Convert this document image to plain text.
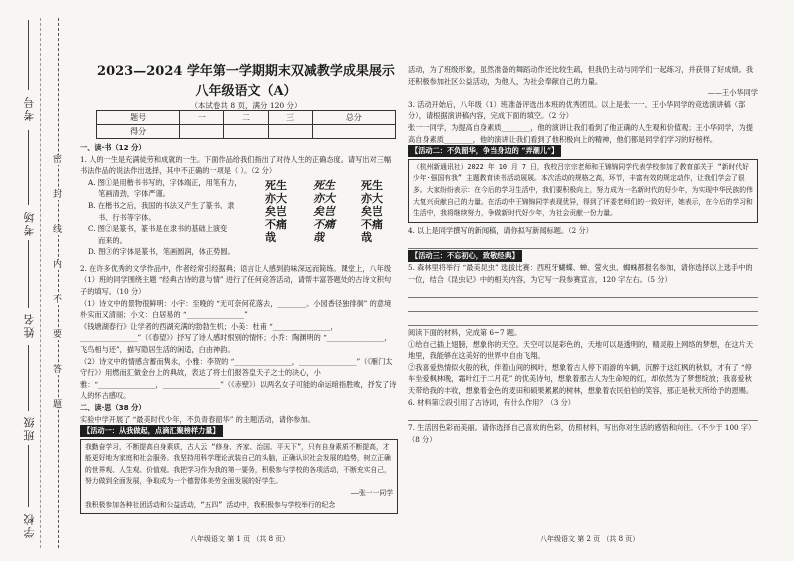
考号
考场
姓名
班级
学校
密
封
线
内
不
要
答
题
2023—2024 学年第一学期期末双减教学成果展示
八年级语文（A）
（本试卷共 8 页，满分 120 分）
题号	一	二	三	总分
得分				

一、读·书（12 分）

1. 人的一生是充满徒劳和成就的一生。下面作品给我们指出了对待人生的正确态度。请写出对三幅书法作品的说法作出选择，其中不正确的一项是（ ）。（2 分）

A. 图①是用楷书书写的，字体端正，用笔有力，

笔画清劲，字体严谨。

B. 在楷书之后，我国的书法又产生了篆书、隶

书、行书等字体。

C. 图②是篆书，篆书是在隶书的基础上演变

而来的。

D. 图③的字体是篆书，笔画圆润，体正势圆。

死生
亦大
矣岂
不痛
哉
死生
亦大
矣岂
不痛
哉
死生
亦大
矣岂
不痛
哉

2. 在许多优秀的文学作品中，作者经常引经据典；语言让人感到韵味深远而简练。课堂上，八年级（1）班的同学围绕主题 “经典古诗的意与情” 进行了任何竞答活动，请帮丰富答题处的古诗文积句子的填写。（10 分）

（1）诗文中的景物很鲜明：小宇：至晚的 “无可奈何花落去，________。小园香径独徘徊” 的意境朴实而又清丽；小文：白居易的 “________________”

《钱塘湖春行》让学者的西湖充满的勃勃生机；小美：杜甫 “________________，________________”（《春望》）抒写了诗人感时恨别的情怀；小乔：陶渊明的 “________________，飞鸟相与还”，描写隐居生活的闲适，白由神韵。

（2）诗文中的情感含蓄而隽永，小雅：李贺的 “________________，________________”（《雁门太守行》）用燃而汇做金台上的典故，表达了将士们报答皇天子之士的决心，小雅：“________________，________________”（《赤壁》）以两名女子可能的命运暗指胜败，抒发了诗人的怀古感叹。

二、读·思（38 分）

实验中学开展了 “最美时代少年，不负青春韶华” 的主题活动，请你参加。

【活动一：从我做起，点滴汇聚榜样力量】

我勤奋学习，不断提高自身素质，古人云 “修身、齐家、治国、平天下”，只有自身素质不断提高，才能更好地为家庭和社会服务。我坚持用科学理论武装自己的头脑，正确认识社会发展的趋势，树立正确的世界观、人生观、价值观。我把学习作为我的第一要务，积极参与学校的各项活动，不断充实自己，努力做到全面发展，争取成为一个德智体美劳全面发展的好学生。

——张一一同学

我积极参加各种社团活动和公益活动，“五四” 活动中，我积极参与学校举行的纪念

活动，为了班级形象，虽然准备的舞蹈动作还比较生疏，但我仍主动与同学们一起练习，并获得了好成绩。我还积极参加社区公益活动，为他人，为社会奉献自己的力量。

——王小华同学

3. 活动开始后，八年级（1）班准备评选出本班的优秀团员。以上是张一一、王小华同学的竞选演讲稿（部分），请根据演讲稿内容，完成下面的填空。（2 分）

张一一同学，为提高自身素质________，他的演讲让我们看到了他正确的人生观和价值观；王小华同学，为提高自身素质________，他的演讲让我们看到了他积极向上的精神，他们都是同学们学习的好榜样。

【活动二：不负韶华，争当身边的 “弄潮儿”】

（杭州新通讯社）2022 年 10 月 7 日，我校吕宗宗老师和王锦锦同学代表学校参加了教育部关于 “新时代好少年·强国有我” 主题教育读书活动展展。本次活动的规格之高，环节，丰富有效的规定动作，让我们学会了很多。大家纷纷表示：在今后的学习生活中，我们要积极向上，努力成为一名新时代的好少年，为实现中华民族的伟大复兴贡献自己的力量。在活动中王锦锦同学表现优异，得到了评委老师们的一致好评，她表示，在今后的学习和生活中，我将继续努力，争做新时代好少年，为社会贡献一份力量。

4. 以上是同学撰写的新闻稿，请你拟写新闻标题。（2 分）

【活动三：不忘初心，致敬经典】

5. 森林里将举行 “最美昆虫” 选拔比赛：西班牙蝴蝶、蝉、萤火虫、蜘蛛都报名参加，请你选择以上选手中的一位，结合《昆虫记》中的相关内容，为它写一段参赛宣言，120 字左右。（5 分）

阅读下面的材料，完成第 6~7 题。

①给自己插上翅膀，想象你的天空。天空可以是彩色的，天地可以是透明的，精灵般上网络的梦想，在这片天地里，我能够在这美好的世界中自由飞翔。

②我喜爱热情似火般的秋，伴着山间的枫叶，想象着古人停下雨游的车辆，沉醉于这红枫的秋似，才有了 “停车坐爱枫林晚，霜叶红于二月花” 的优美诗句，想象着那古人为生命短的红，却依然为了梦想绽放；我喜爱秋天带给我的丰收，想象着金色的麦田和硕果累累的树林，想象着农民伯伯的笑容，那正是秋天所给予的恩赐。

6. 材料第②段引用了古诗词，有什么作用？（3 分）

7. 生活因色彩而美丽。请你选择自己喜欢的色彩，仿照材料，写出你对生活的感悟和向往。（不少于 100 字）（8 分）

八年级语文 第 1 页 （共 8 页）	八年级语文 第 2 页 （共 8 页）
